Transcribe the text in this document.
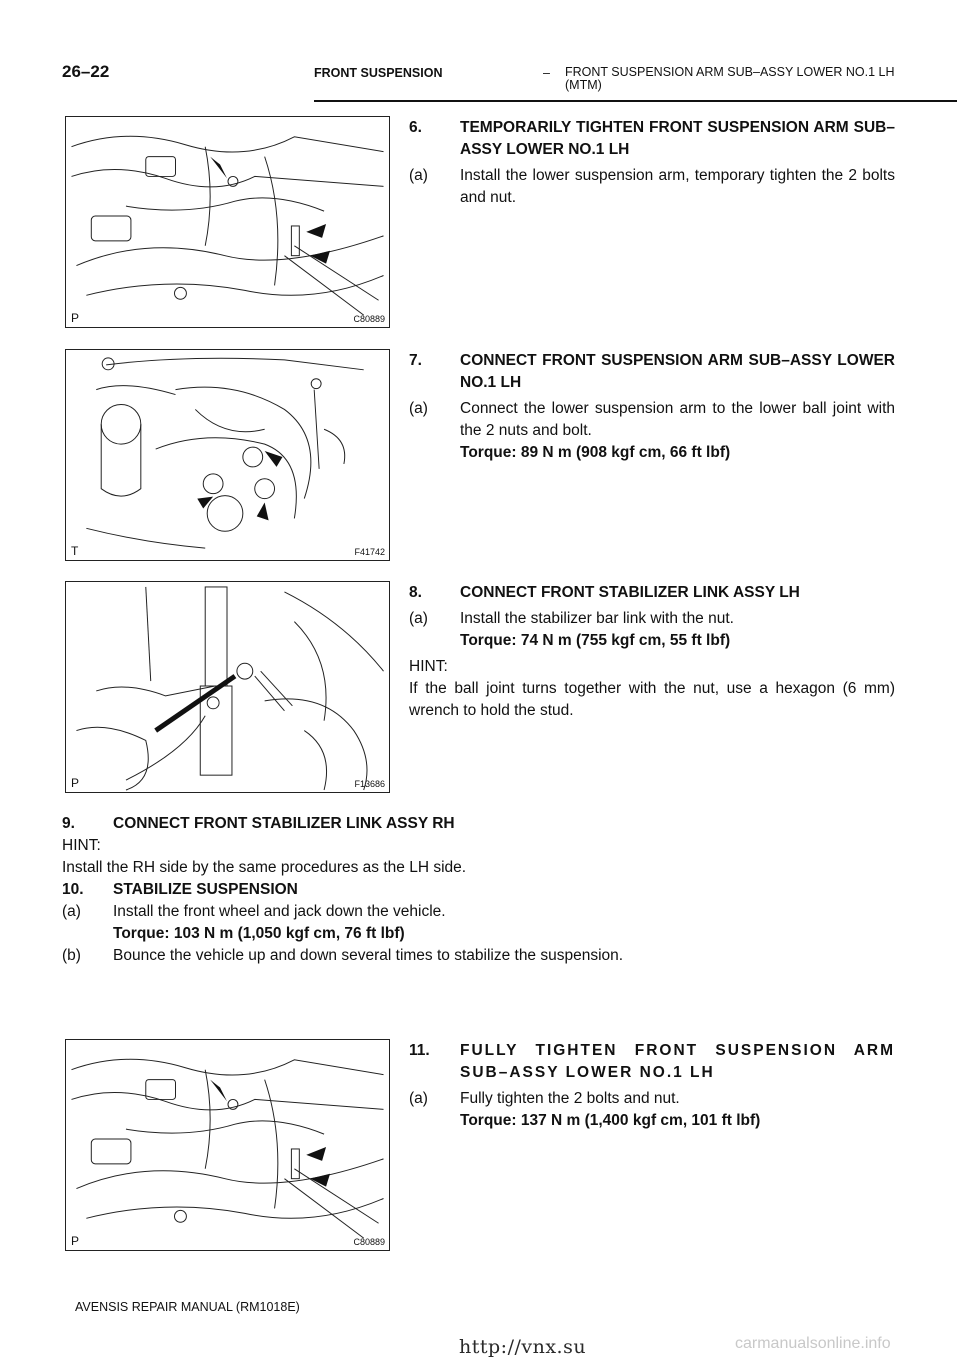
26–22	FRONT SUSPENSION	– FRONT SUSPENSION ARM SUB–ASSY LOWER NO.1 LH (MTM)
P	C80889
6. TEMPORARILY TIGHTEN FRONT SUSPENSION ARM SUB–ASSY LOWER NO.1 LH
(a) Install the lower suspension arm, temporary tighten the 2 bolts and nut.
T	F41742
7. CONNECT FRONT SUSPENSION ARM SUB–ASSY LOWER NO.1 LH
(a) Connect the lower suspension arm to the lower ball joint with the 2 nuts and bolt.
Torque: 89 N m (908 kgf cm, 66 ft lbf)
P	F13686
8. CONNECT FRONT STABILIZER LINK ASSY LH
(a) Install the stabilizer bar link with the nut.
Torque: 74 N m (755 kgf cm, 55 ft lbf)
HINT:
If the ball joint turns together with the nut, use a hexagon (6 mm) wrench to hold the stud.
9. CONNECT FRONT STABILIZER LINK ASSY RH
HINT:
Install the RH side by the same procedures as the LH side.
10. STABILIZE SUSPENSION
(a) Install the front wheel and jack down the vehicle.
Torque: 103 N m (1,050 kgf cm, 76 ft lbf)
(b) Bounce the vehicle up and down several times to stabilize the suspension.
P	C80889
11. FULLY TIGHTEN FRONT SUSPENSION ARM SUB–ASSY LOWER NO.1 LH
(a) Fully tighten the 2 bolts and nut.
Torque: 137 N m (1,400 kgf cm, 101 ft lbf)
AVENSIS REPAIR MANUAL (RM1018E)
http://vnx.su	carmanualsonline.info
